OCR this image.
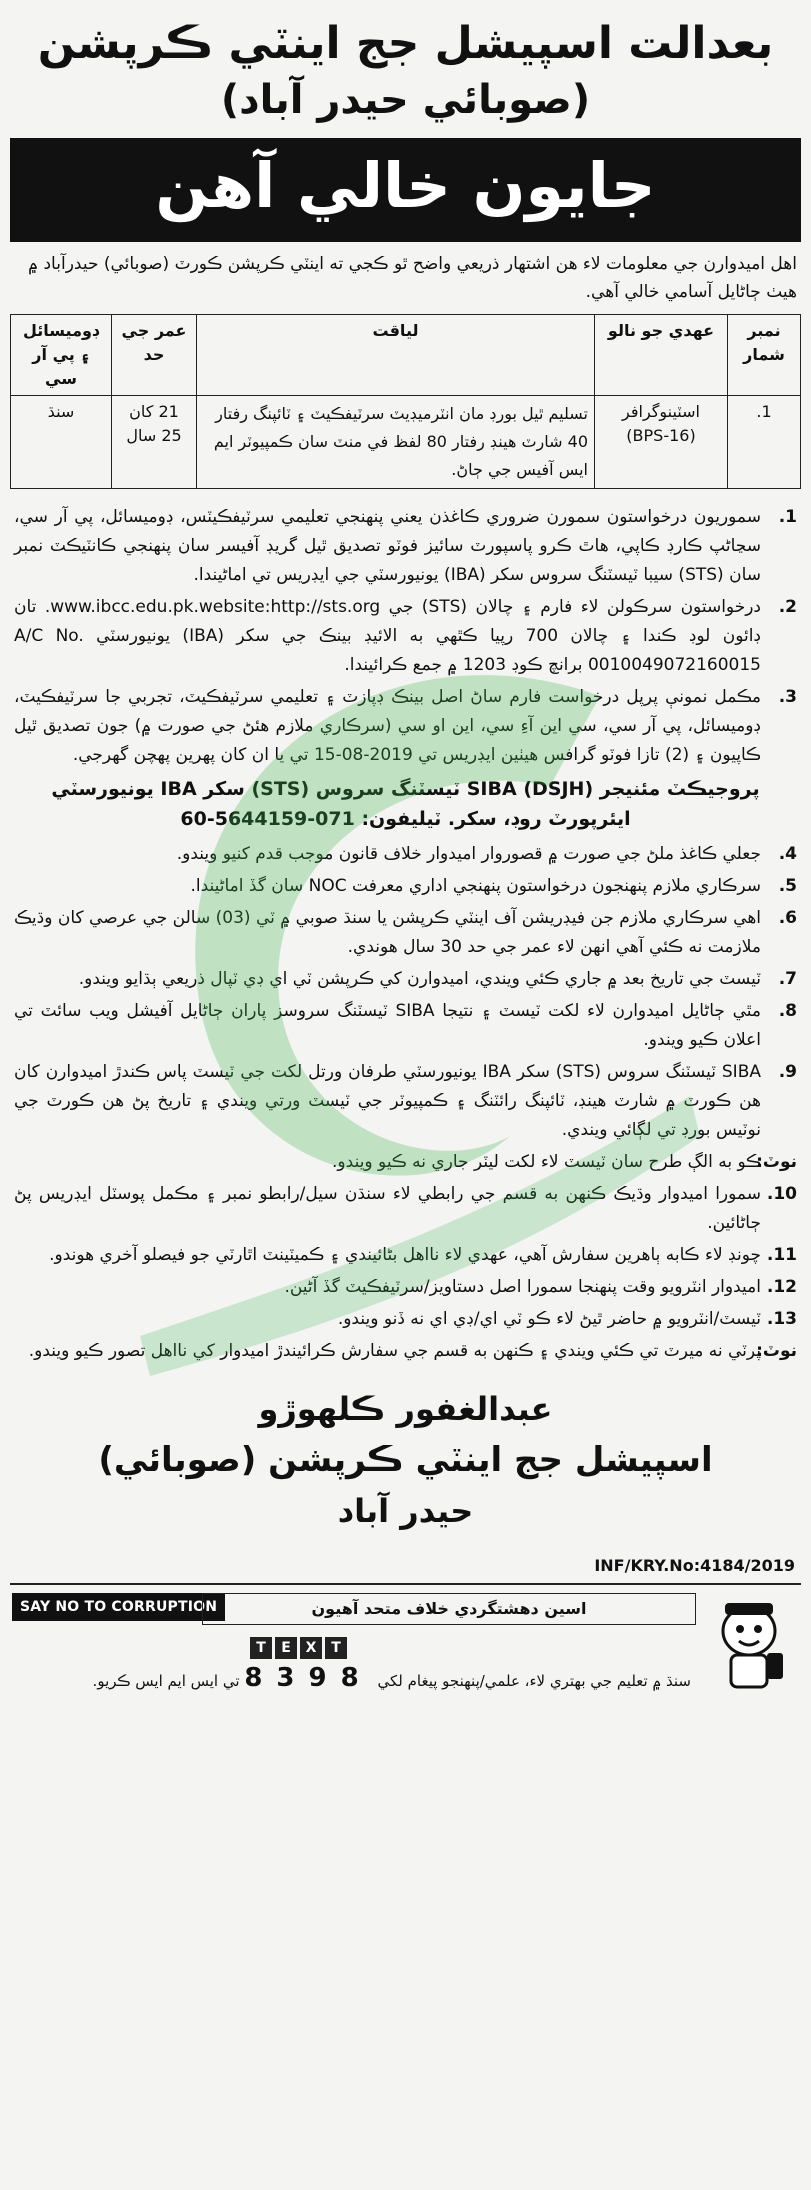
بعدالت اسپيشل جج اينٽي ڪرپشن
(صوبائي حيدر آباد)
جايون خالي آهن
اهل اميدوارن جي معلومات لاء هن اشتهار ذريعي واضح ٿو ڪجي ته اينٽي ڪرپشن ڪورٽ (صوبائي) حيدرآباد ۾ هيٺ ڄاڻايل آسامي خالي آهي.
نمبر شمار	عهدي جو نالو	لياقت	عمر جي حد	ڊوميسائل ۽ پي آر سي
1.	اسٽينوگرافر (BPS-16)	تسليم ٿيل بورڊ مان انٽرميڊيٽ سرٽيفڪيٽ ۽ ٽائپنگ رفتار 40 شارٽ هينڊ رفتار 80 لفظ في منٽ سان ڪمپيوٽر ايم ايس آفيس جي ڄاڻ.	21 کان 25 سال	سنڌ
1.
سموريون درخواستون سمورن ضروري ڪاغذن يعني پنهنجي تعليمي سرٽيفڪيٽس، ڊوميسائل، پي آر سي، سڃاڻپ ڪارڊ ڪاپي، هاٿ ڪرو پاسپورٽ سائيز فوٽو تصديق ٿيل گريڊ آفيسر سان پنهنجي ڪانٽيڪٽ نمبر سان (STS) سيبا ٽيسٽنگ سروس سکر (IBA) يونيورسٽي جي ايڊريس تي اماڻيندا.
2.
درخواستون سرڪولن لاء فارم ۽ چالان (STS) جي www.ibcc.edu.pk.website:http://sts.org. تان ڊائون لوڊ ڪندا ۽ چالان 700 رپيا ڪٿهي به الائيڊ بينڪ جي سکر (IBA) يونيورسٽي A/C No. 0010049072160015 برانچ ڪوڊ 1203 ۾ جمع ڪرائيندا.
3.
مڪمل نمونې پرپل درخواست فارم ساڻ اصل بينڪ ڊپازٽ ۽ تعليمي سرٽيفڪيٽ، تجربي جا سرٽيفڪيٽ، ڊوميسائل، پي آر سي، سي اين آءِ سي، اين او سي (سرڪاري ملازم هئڻ جي صورت ۾) جون تصديق ٿيل ڪاپيون ۽ (2) تازا فوٽو گرافس هيٺين ايڊريس تي 2019-08-15 تي يا ان کان پهرين پهچن گهرجي.
پروجيڪٽ مئنيجر (DSJH) SIBA ٽيسٽنگ سروس (STS) سکر IBA يونيورسٽي
ايئرپورٽ روڊ، سکر. ٽيليفون: 071-5644159-60
4.
جعلي ڪاغذ ملڻ جي صورت ۾ قصوروار اميدوار خلاف قانون موجب قدم کنيو ويندو.
5.
سرڪاري ملازم پنهنجون درخواستون پنهنجي اداري معرفت NOC سان گڏ اماڻيندا.
6.
اهي سرڪاري ملازم جن فيڊريشن آف اينٽي ڪرپشن يا سنڌ صوبي ۾ ٽي (03) سالن جي عرصي کان وڌيڪ ملازمت نه ڪئي آهي انهن لاء عمر جي حد 30 سال هوندي.
7.
ٽيسٽ جي تاريخ بعد ۾ جاري ڪئي ويندي، اميدوارن کي ڪرپشن ٽي اي ڊي ٽپال ذريعي ٻڌايو ويندو.
8.
مٿي ڄاڻايل اميدوارن لاء لکت ٽيسٽ ۽ نتيجا SIBA ٽيسٽنگ سروسز پاران ڄاڻايل آفيشل ويب سائٽ تي اعلان ڪيو ويندو.
9.
SIBA ٽيسٽنگ سروس (STS) سکر IBA يونيورسٽي طرفان ورتل لکت جي ٽيسٽ پاس ڪندڙ اميدوارن کان هن ڪورٽ ۾ شارٽ هينڊ، ٽائپنگ رائٽنگ ۽ ڪمپيوٽر جي ٽيسٽ ورتي ويندي ۽ تاريخ پڻ هن ڪورٽ جي نوٽيس بورڊ تي لڳائي ويندي.
نوٽ:
ڪو به الڳ طرح سان ٽيسٽ لاء لکت ليٽر جاري نه ڪيو ويندو.
10.
سمورا اميدوار وڌيڪ ڪنهن به قسم جي رابطي لاء سنڌن سيل/رابطو نمبر ۽ مڪمل پوسٽل ايڊريس پڻ ڄاڻائين.
11.
چونڊ لاء ڪابه ٻاهرين سفارش آهي، عهدي لاء نااهل بڻائيندي ۽ ڪميٽينٽ اٿارٽي جو فيصلو آخري هوندو.
12.
اميدوار انٽرويو وقت پنهنجا سمورا اصل دستاويز/سرٽيفڪيٽ گڏ آڻين.
13.
ٽيسٽ/انٽرويو ۾ حاضر ٿيڻ لاء ڪو ٽي اي/ڊي اي نه ڏنو ويندو.
نوٽ:
پرٽي نه ميرٽ تي ڪئي ويندي ۽ ڪنهن به قسم جي سفارش ڪرائيندڙ اميدوار کي نااهل تصور ڪيو ويندو.
عبدالغفور ڪلهوڙو
اسپيشل جج اينٽي ڪرپشن (صوبائي)
حيدر آباد
INF/KRY.No:4184/2019
SAY NO TO CORRUPTION	اسين دهشتگردي خلاف متحد آهيون
T	E	X	T
سنڌ ۾ تعليم جي بهتري لاء، علمي/پنهنجو پيغام لکي 8398 تي ايس ايم ايس ڪريو.
